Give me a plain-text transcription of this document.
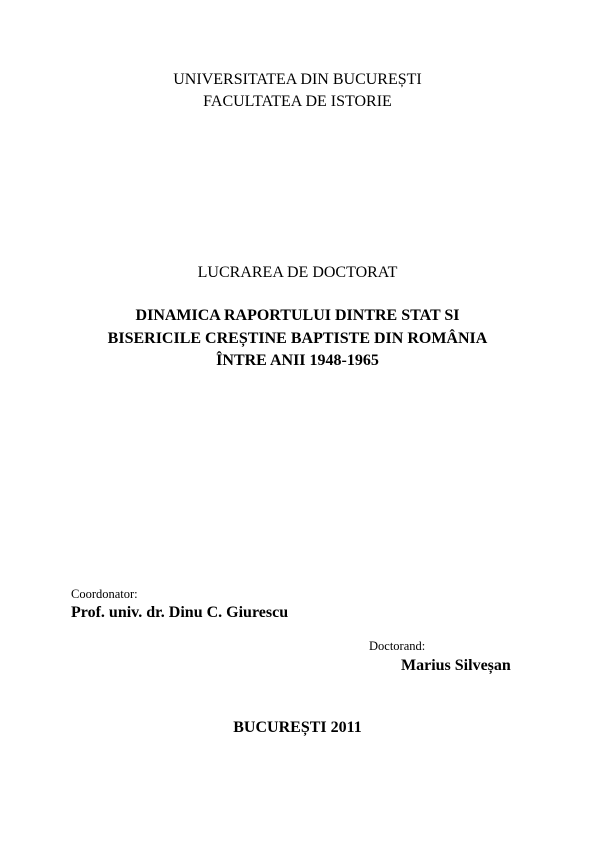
UNIVERSITATEA DIN BUCUREȘTI
FACULTATEA DE ISTORIE
LUCRAREA DE DOCTORAT
DINAMICA RAPORTULUI DINTRE STAT SI
BISERICILE CREȘTINE BAPTISTE DIN ROMÂNIA
ÎNTRE ANII 1948-1965
Coordonator:
Prof. univ. dr. Dinu C. Giurescu
Doctorand:
Marius Silveșan
BUCUREȘTI 2011
